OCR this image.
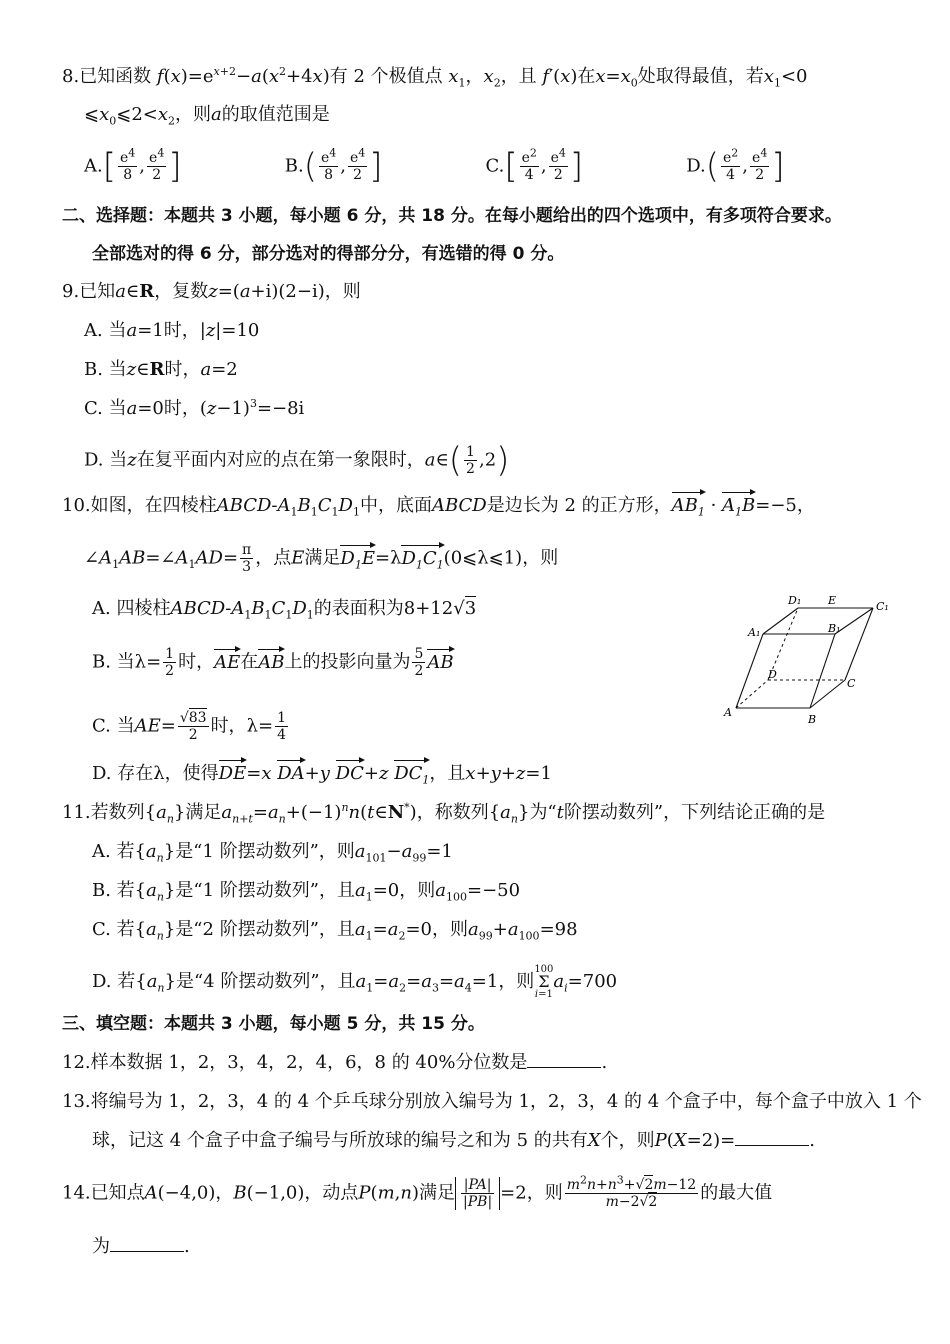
8.已知函数 $f(x)=e^{x+2}-a(x^2+4x)$有 2 个极值点 $x_1$，$x_2$，且 f′(x)在$x=x_0$处取得最值，若$x_1<0$
$⩽x_0⩽2<x_2$，则a的取值范围是
$A.[ \frac{e^4}{8}$ , $\frac{e^4}{2}$ ]	$B.( \frac{e^4}{8}$ , $\frac{e^4}{2}$ ]	$C.[ \frac{e^2}{4}$ , $\frac{e^4}{2}$ ]	$D.( \frac{e^2}{4}$ , $\frac{e^4}{2}$ ]
二、选择题：本题共 3 小题，每小题 6 分，共 18 分。在每小题给出的四个选项中，有多项符合要求。
全部选对的得 6 分，部分选对的得部分分，有选错的得 0 分。
9.已知a∈R，复数z=(a+i)(2−i)，则
A. 当a=1时，|z|=10
B. 当z∈R时，a=2
C. 当a=0时，$(z-1)^3=-8i$
D. 当z在复平面内对应的点在第一象限时，a∈( $\frac{1}{2} ,2$)
10.如图，在四棱柱ABCD-$A_1B_1C_1D_1$中，底面ABCD是边长为 2 的正方形，$AB_1 \cdot A_1B=-5$，
$\angle A_1AB=\angle A_1AD= \frac{\pi}{3}$ ，点E满足$D_1E=\lambda D_1C_1(0⩽\lambda⩽1)$，则
A. 四棱柱ABCD-$A_1B_1C_1D_1$的表面积为8+12√3
B. 当$\lambda= \frac{1}{2}$ 时，AE在AB上的投影向量为 $\frac{5}{2}$ AB
C. 当$AE= \frac{√83}{2}$ 时，$\lambda= \frac{1}{4}$
D. 存在λ，使得DE=x DA+y DC+z $DC_1$，且x+y+z=1
D₁ E	C₁
A₁	B₁
D
C
A
B
11.若数列$\{a_n\}$满足$a_{n+t}=a_n+(-1)^nn(t\in N^*)$，称数列$\{a_n\}$为“t阶摆动数列”，下列结论正确的是
A. 若$\{a_n\}$是“1 阶摆动数列”，则$a_{101}-a_{99}=1$
B. 若$\{a_n\}$是“1 阶摆动数列”，且$a_1=0$，则$a_{100}=-50$
C. 若$\{a_n\}$是“2 阶摆动数列”，且$a_1=a_2=0$，则$a_{99}+a_{100}=98$
D. 若$\{a_n\}$是“4 阶摆动数列”，且$a_1=a_2=a_3=a_4=1$，则100
Σ
$i=1a_i=700$
三、填空题：本题共 3 小题，每小题 5 分，共 15 分。
12.样本数据 1，2，3，4，2，4，6，8 的 40%分位数是	.
13.将编号为 1，2，3，4 的 4 个乒乓球分别放入编号为 1，2，3，4 的 4 个盒子中，每个盒子中放入 1 个
球，记这 4 个盒子中盒子编号与所放球的编号之和为 5 的共有X个，则P(X=2)=	.
14.已知点A(−4,0)，B(−1,0)，动点P(m,n)满足 $\frac{|PA|}{|PB|} =2$，则 $\frac{m^2n+n^3+√2m-12}{m-2√2}$ 的最大值
为	.
